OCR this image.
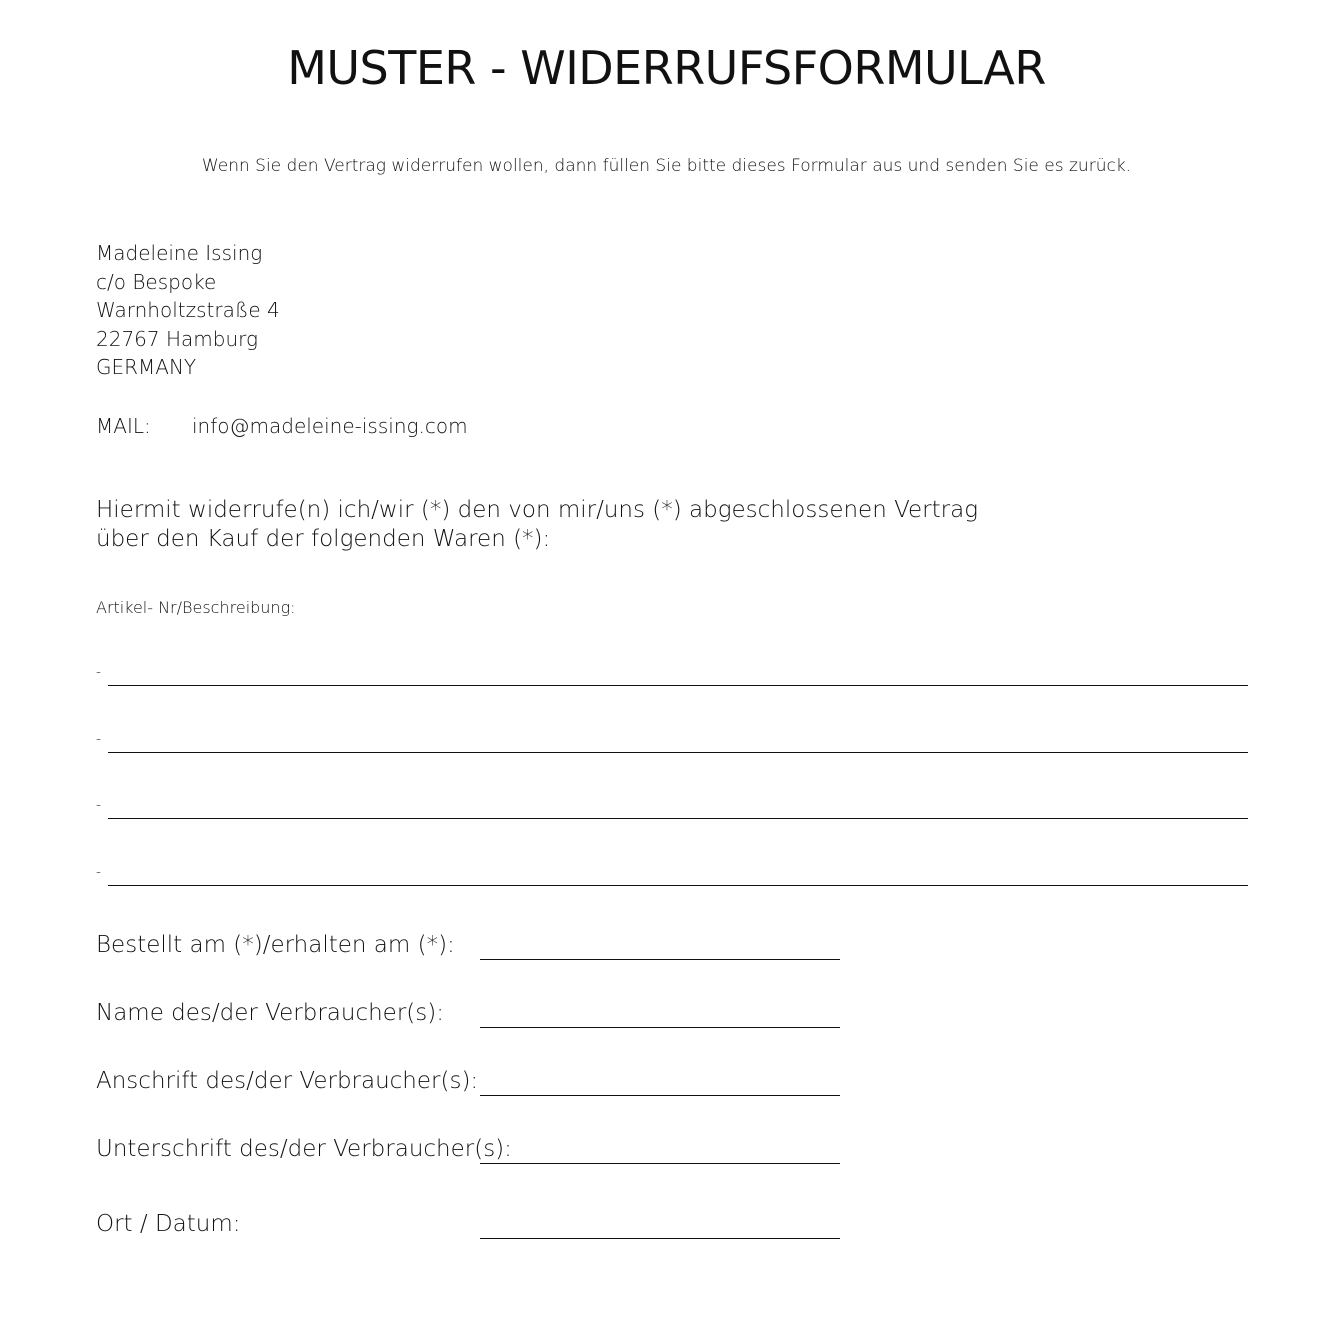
MUSTER - WIDERRUFSFORMULAR
Wenn Sie den Vertrag widerrufen wollen, dann füllen Sie bitte dieses Formular aus und senden Sie es zurück.
Madeleine Issing
c/o Bespoke
Warnholtzstraße 4
22767 Hamburg
GERMANY
MAIL: info@madeleine-issing.com
Hiermit widerrufe(n) ich/wir (*) den von mir/uns (*) abgeschlossenen Vertrag
über den Kauf der folgenden Waren (*):
Artikel- Nr/Beschreibung:
-
-
-
-
Bestellt am (*)/erhalten am (*):
Name des/der Verbraucher(s):
Anschrift des/der Verbraucher(s):
Unterschrift des/der Verbraucher(s):
Ort / Datum:
